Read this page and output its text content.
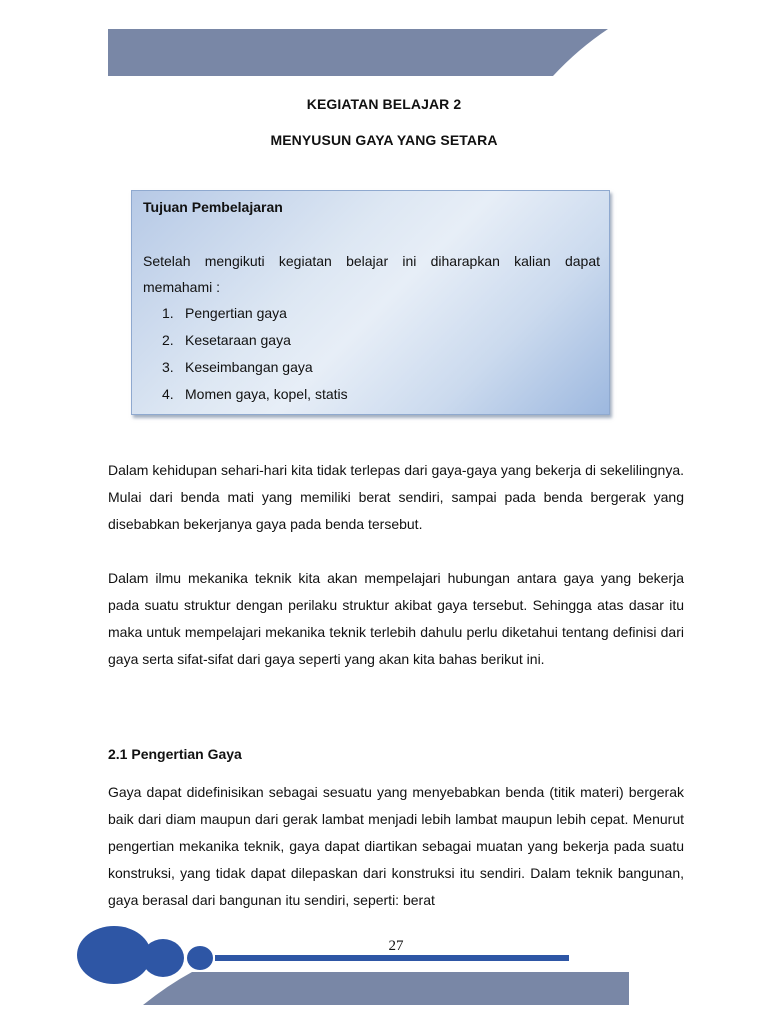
KEGIATAN BELAJAR 2
MENYUSUN GAYA YANG SETARA
Tujuan Pembelajaran
Setelah mengikuti kegiatan belajar ini diharapkan kalian dapat memahami :
1. Pengertian gaya
2. Kesetaraan gaya
3. Keseimbangan gaya
4. Momen gaya, kopel, statis

Dalam kehidupan sehari-hari kita tidak terlepas dari gaya-gaya yang bekerja di sekelilingnya. Mulai dari benda mati yang memiliki berat sendiri, sampai pada benda bergerak yang disebabkan bekerjanya gaya pada benda tersebut.

Dalam ilmu mekanika teknik kita akan mempelajari hubungan antara gaya yang bekerja pada suatu struktur dengan perilaku struktur akibat gaya tersebut. Sehingga atas dasar itu maka untuk mempelajari mekanika teknik terlebih dahulu perlu diketahui tentang definisi dari gaya serta sifat-sifat dari gaya seperti yang akan kita bahas berikut ini.

2.1 Pengertian Gaya

Gaya dapat didefinisikan sebagai sesuatu yang menyebabkan benda (titik materi) bergerak baik dari diam maupun dari gerak lambat menjadi lebih lambat maupun lebih cepat. Menurut pengertian mekanika teknik, gaya dapat diartikan sebagai muatan yang bekerja pada suatu konstruksi, yang tidak dapat dilepaskan dari konstruksi itu sendiri. Dalam teknik bangunan, gaya berasal dari bangunan itu sendiri, seperti: berat

27
